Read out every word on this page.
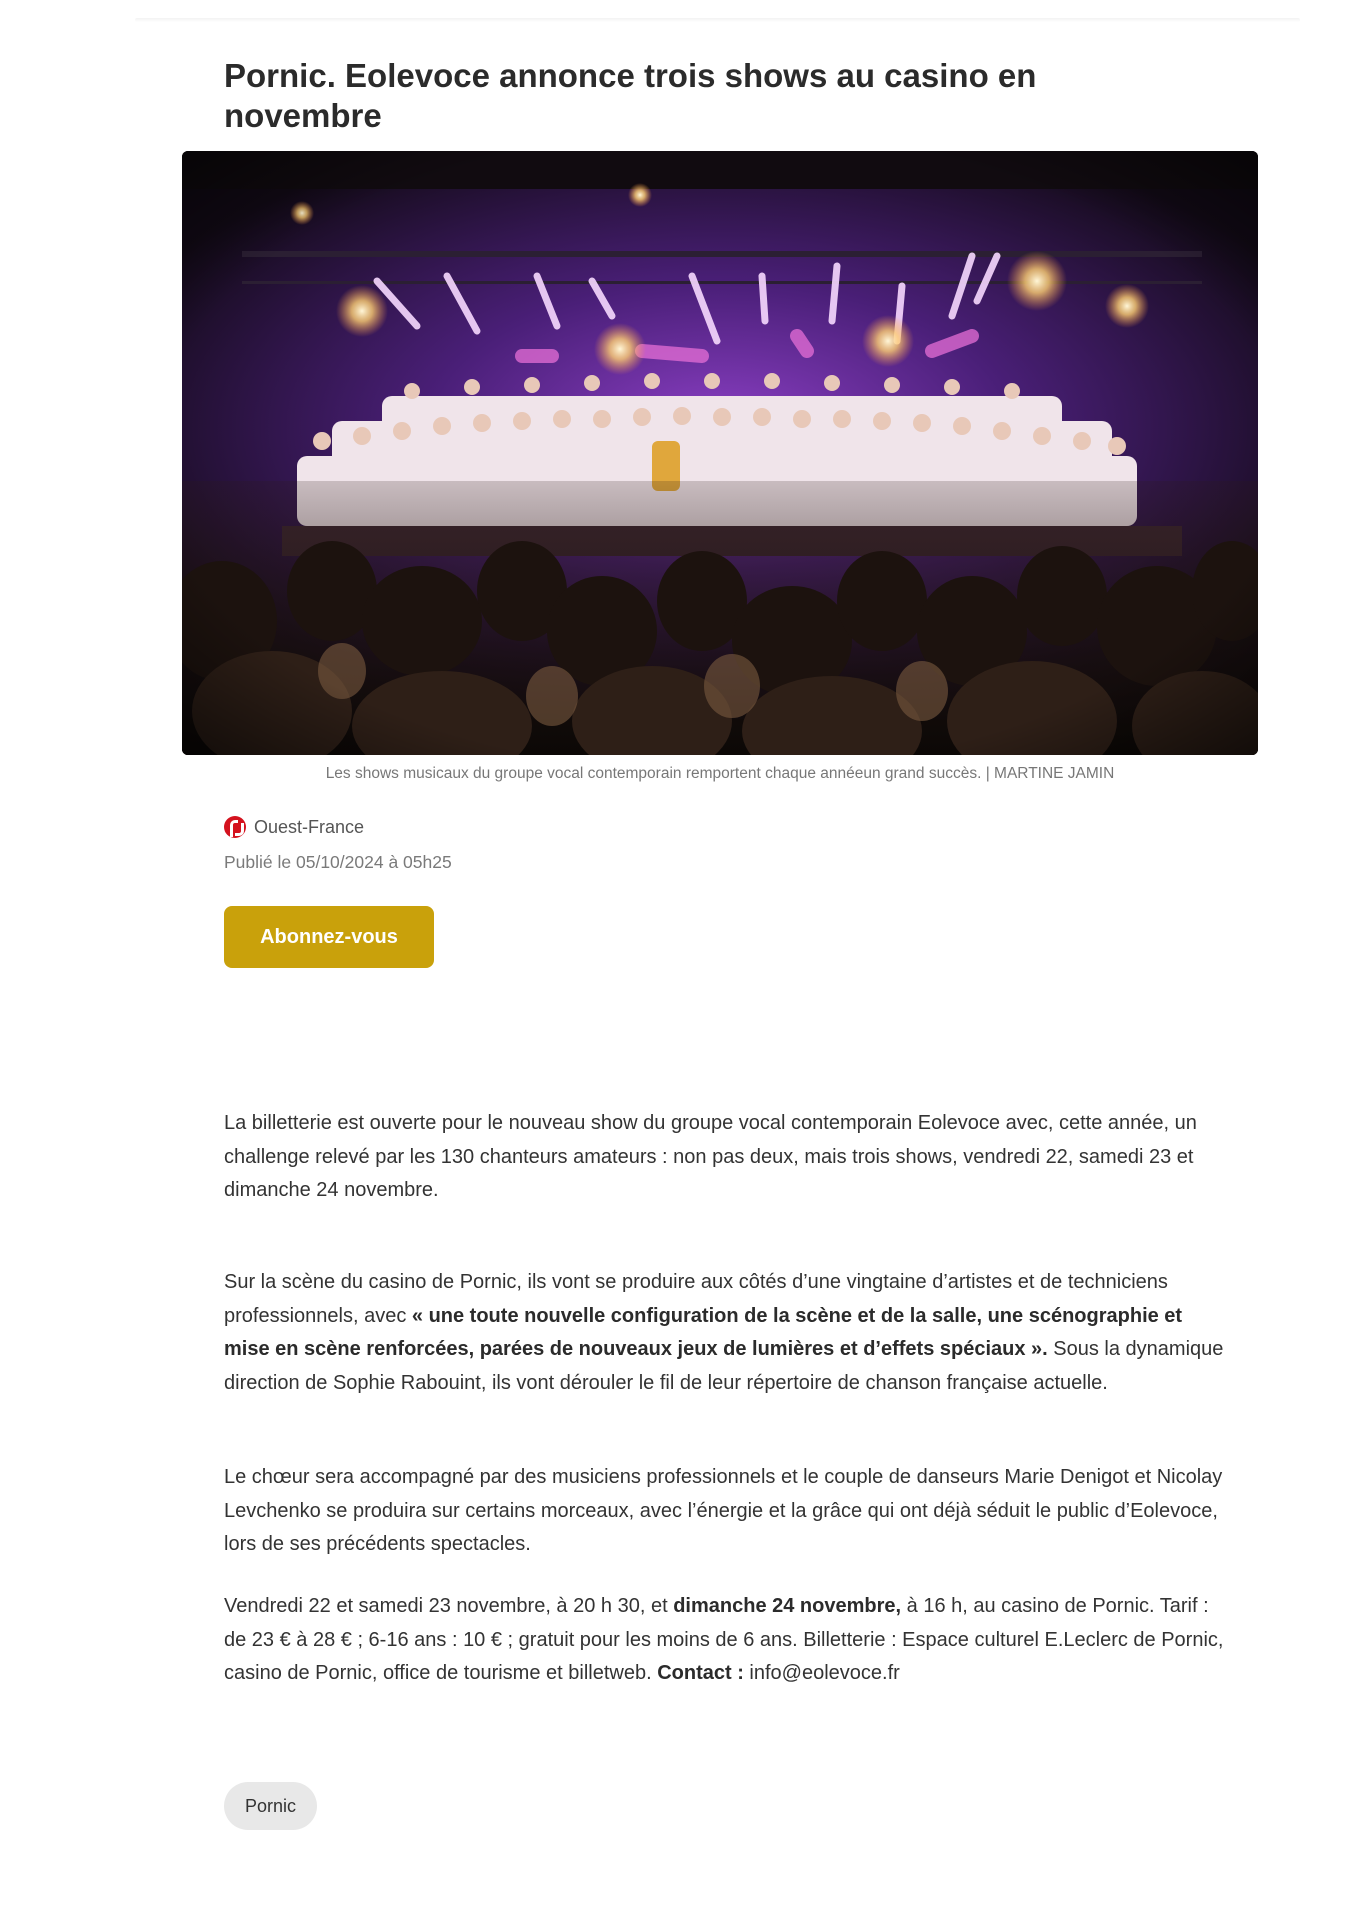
Pornic. Eolevoce annonce trois shows au casino en novembre

Les shows musicaux du groupe vocal contemporain remportent chaque annéeun grand succès. | MARTINE JAMIN

Ouest-France

Publié le 05/10/2024 à 05h25

Abonnez-vous

La billetterie est ouverte pour le nouveau show du groupe vocal contemporain Eolevoce avec, cette année, un challenge relevé par les 130 chanteurs amateurs : non pas deux, mais trois shows, vendredi 22, samedi 23 et dimanche 24 novembre.

Sur la scène du casino de Pornic, ils vont se produire aux côtés d’une vingtaine d’artistes et de techniciens professionnels, avec « une toute nouvelle configuration de la scène et de la salle, une scénographie et mise en scène renforcées, parées de nouveaux jeux de lumières et d’effets spéciaux ». Sous la dynamique direction de Sophie Rabouint, ils vont dérouler le fil de leur répertoire de chanson française actuelle.

Le chœur sera accompagné par des musiciens professionnels et le couple de danseurs Marie Denigot et Nicolay Levchenko se produira sur certains morceaux, avec l’énergie et la grâce qui ont déjà séduit le public d’Eolevoce, lors de ses précédents spectacles.

Vendredi 22 et samedi 23 novembre, à 20 h 30, et dimanche 24 novembre, à 16 h, au casino de Pornic. Tarif : de 23 € à 28 € ; 6-16 ans : 10 € ; gratuit pour les moins de 6 ans. Billetterie : Espace culturel E.Leclerc de Pornic, casino de Pornic, office de tourisme et billetweb. Contact : info@eolevoce.fr

Pornic
